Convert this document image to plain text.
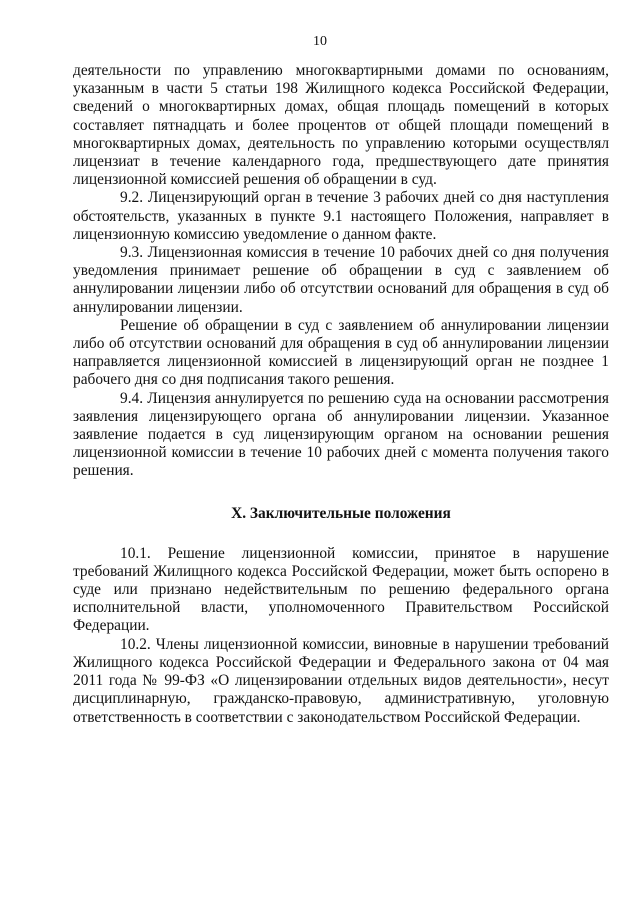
10

деятельности по управлению многоквартирными домами по основаниям, указанным в части 5 статьи 198 Жилищного кодекса Российской Федерации, сведений о многоквартирных домах, общая площадь помещений в которых составляет пятнадцать и более процентов от общей площади помещений в многоквартирных домах, деятельность по управлению которыми осуществлял лицензиат в течение календарного года, предшествующего дате принятия лицензионной комиссией решения об обращении в суд.

9.2. Лицензирующий орган в течение 3 рабочих дней со дня наступления обстоятельств, указанных в пункте 9.1 настоящего Положения, направляет в лицензионную комиссию уведомление о данном факте.

9.3. Лицензионная комиссия в течение 10 рабочих дней со дня получения уведомления принимает решение об обращении в суд с заявлением об аннулировании лицензии либо об отсутствии оснований для обращения в суд об аннулировании лицензии.

Решение об обращении в суд с заявлением об аннулировании лицензии либо об отсутствии оснований для обращения в суд об аннулировании лицензии направляется лицензионной комиссией в лицензирующий орган не позднее 1 рабочего дня со дня подписания такого решения.

9.4. Лицензия аннулируется по решению суда на основании рассмотрения заявления лицензирующего органа об аннулировании лицензии. Указанное заявление подается в суд лицензирующим органом на основании решения лицензионной комиссии в течение 10 рабочих дней с момента получения такого решения.

X. Заключительные положения

10.1. Решение лицензионной комиссии, принятое в нарушение требований Жилищного кодекса Российской Федерации, может быть оспорено в суде или признано недействительным по решению федерального органа исполнительной власти, уполномоченного Правительством Российской Федерации.

10.2. Члены лицензионной комиссии, виновные в нарушении требований Жилищного кодекса Российской Федерации и Федерального закона от 04 мая 2011 года № 99-ФЗ «О лицензировании отдельных видов деятельности», несут дисциплинарную, гражданско-правовую, административную, уголовную ответственность в соответствии с законодательством Российской Федерации.
